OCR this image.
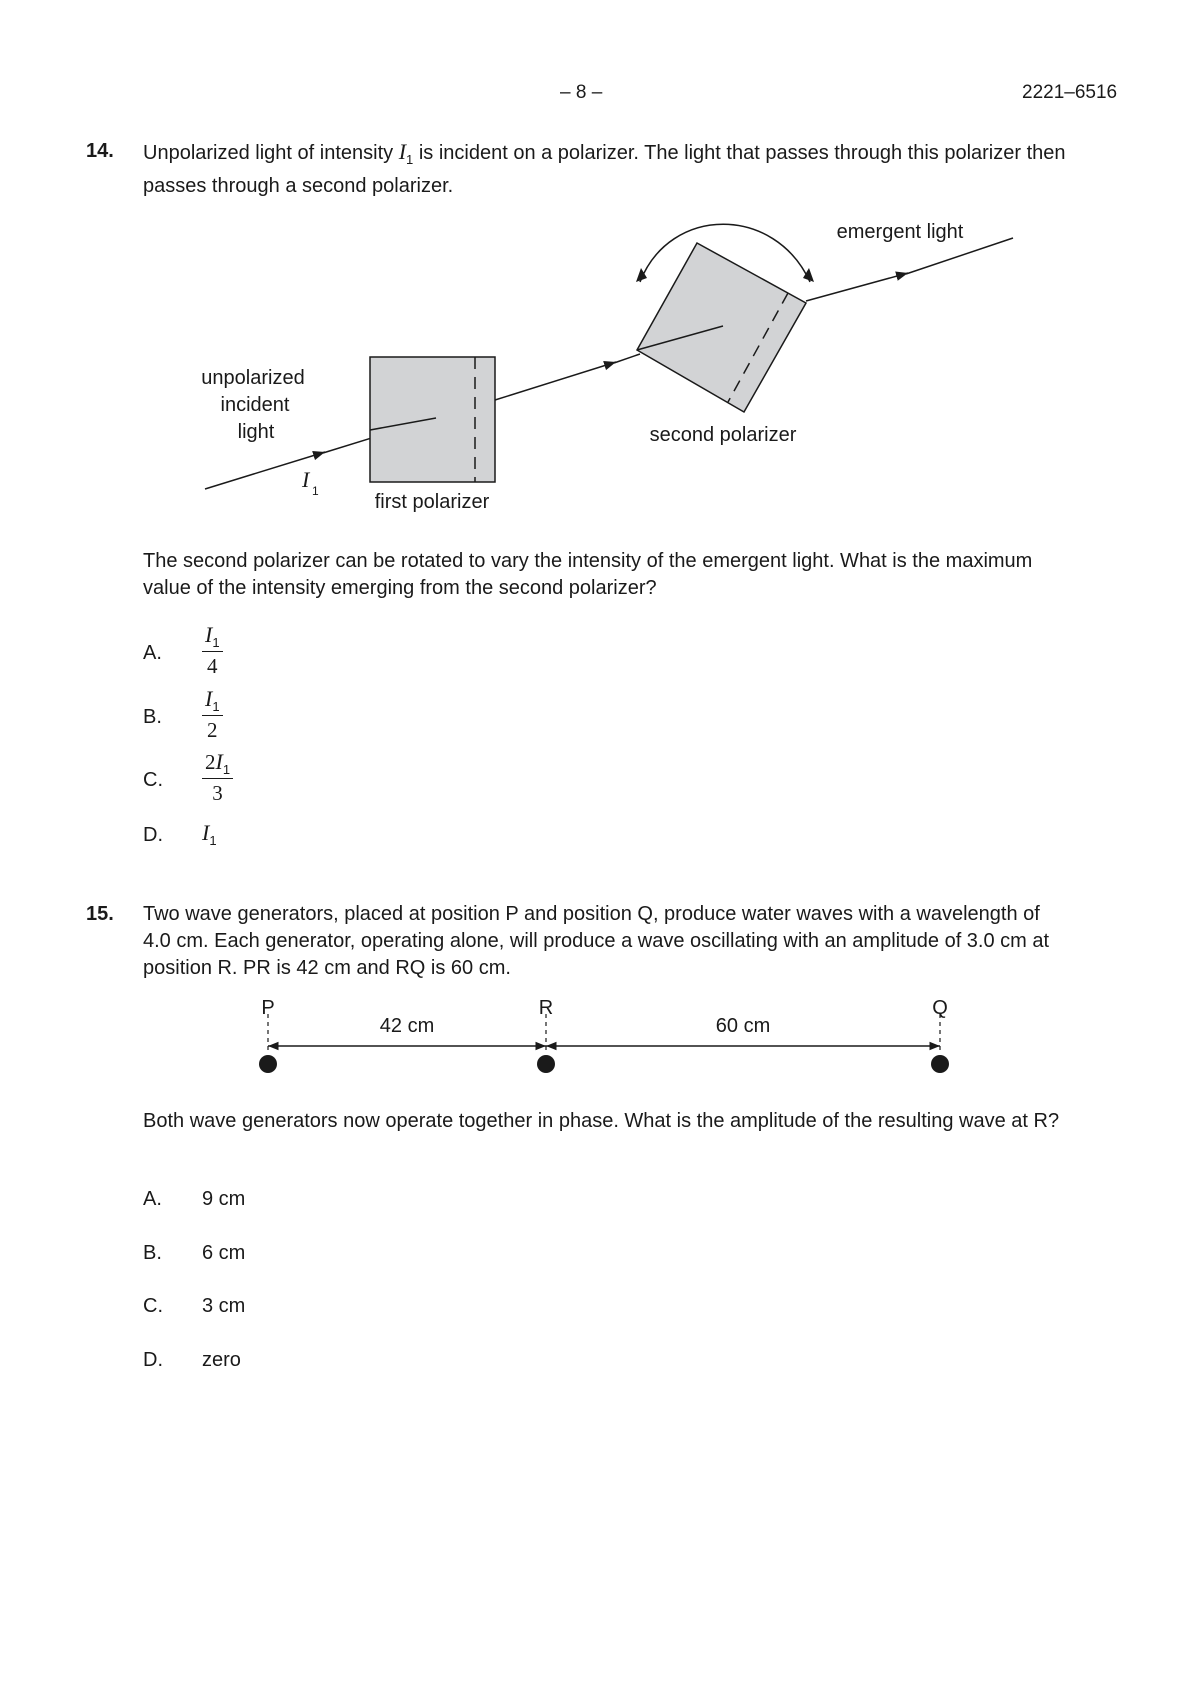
– 8 –	2221–6516
14. Unpolarized light of intensity $I_1$ is incident on a polarizer. The light that passes through this polarizer then passes through a second polarizer.
unpolarized
incident
light
I 1	first polarizer
second polarizer
emergent light
The second polarizer can be rotated to vary the intensity of the emergent light. What is the maximum value of the intensity emerging from the second polarizer?
A. $\frac{I_1}{4}$
B. $\frac{I_1}{2}$
C. $\frac{2I_1}{3}$
D. $I_1$
15. Two wave generators, placed at position P and position Q, produce water waves with a wavelength of 4.0 cm. Each generator, operating alone, will produce a wave oscillating with an amplitude of 3.0 cm at position R. PR is 42 cm and RQ is 60 cm.
P	R	Q
42 cm	60 cm
Both wave generators now operate together in phase. What is the amplitude of the resulting wave at R?
A. 9 cm
B. 6 cm
C. 3 cm
D. zero
